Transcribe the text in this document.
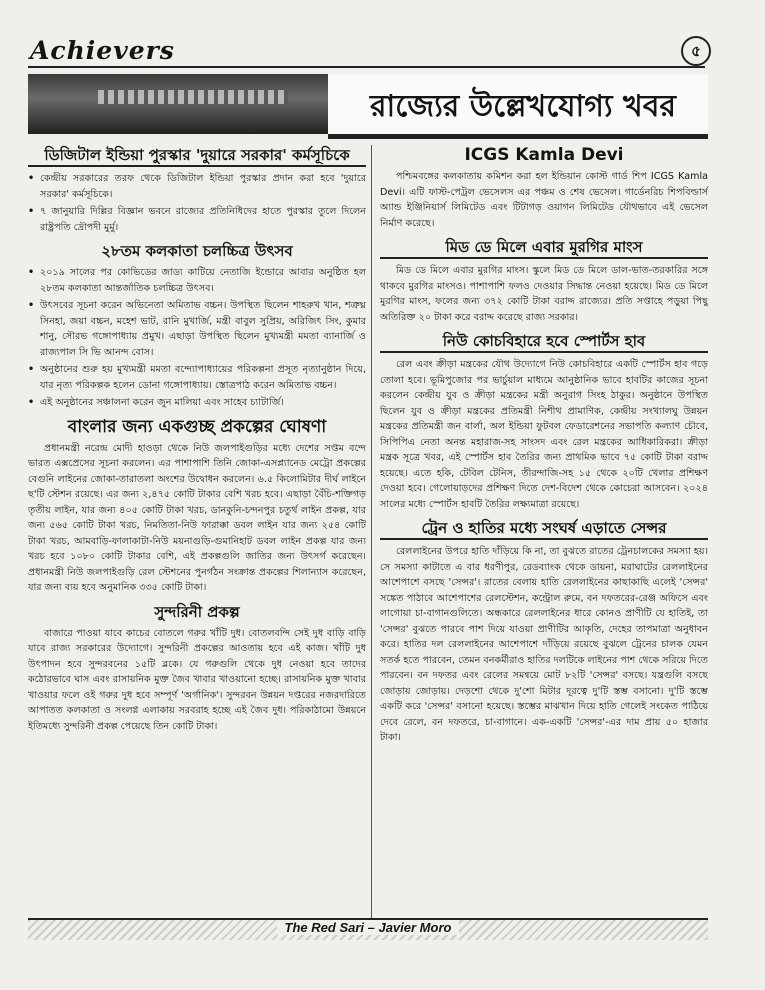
Achievers	৫
রাজ্যের উল্লেখযোগ্য খবর
ডিজিটাল ইন্ডিয়া পুরস্কার 'দুয়ারে সরকার' কর্মসূচিকে
• কেন্দ্রীয় সরকারের তরফ থেকে ডিজিটাল ইন্ডিয়া পুরস্কার প্রদান করা হবে 'দুয়ারে সরকার' কর্মসূচিকে।
• ৭ জানুয়ারি দিল্লির বিজ্ঞান ভবনে রাজ্যের প্রতিনিধিদের হাতে পুরস্কার তুলে দিলেন রাষ্ট্রপতি দ্রৌপদী মুর্মু।
২৮তম কলকাতা চলচ্চিত্র উৎসব
• ২০১৯ সালের পর কোভিডের জাড্য কাটিয়ে নেতাজি ইন্ডোরে আবার অনুষ্ঠিত হল ২৮তম কলকাতা আন্তর্জাতিক চলচ্চিত্র উৎসব।
• উৎসবের সূচনা করেন অভিনেতা অমিতাভ বচ্চন। উপস্থিত ছিলেন শাহরুখ খান, শত্রুঘ্ন সিনহা, জয়া বচ্চন, মহেশ ভাট, রানি মুখার্জি, মন্ত্রী বাবুল সুপ্রিয়, অরিজিৎ সিং, কুমার শানু, সৌরভ গঙ্গোপাধ্যায় প্রমুখ। এছাড়া উপস্থিত ছিলেন মুখ্যমন্ত্রী মমতা ব্যানার্জি ও রাজ্যপাল সি ভি আনন্দ বোস।
• অনুষ্ঠানের শুরু হয় মুখ্যমন্ত্রী মমতা বন্দ্যোপাধ্যায়ের পরিকল্পনা প্রসূত নৃত্যানুষ্ঠান দিয়ে, যার নৃত্য পরিকল্পক হলেন ডোনা গঙ্গোপাধ্যায়। স্তোত্রপাঠ করেন অমিতাভ বচ্চন।
• এই অনুষ্ঠানের সঞ্চালনা করেন জুন মালিয়া এবং সাহেব চ্যাটার্জি।
বাংলার জন্য একগুচ্ছ প্রকল্পের ঘোষণা
প্রধানমন্ত্রী নরেন্দ্র মোদী হাওড়া থেকে নিউ জলপাইগুড়ির মধ্যে দেশের সপ্তম বন্দে ভারত এক্সপ্রেসের সূচনা করলেন। এর পাশাপাশি তিনি জোকা-এসপ্ল্যানেড মেট্রো প্রকল্পের বেগুনি লাইনের জোকা-তারাতলা অংশের উদ্বোধন করলেন। ৬.৫ কিলোমিটার দীর্ঘ লাইনে ছ'টি স্টেশন রয়েছে। এর জন্য ২,৪৭৫ কোটি টাকার বেশি খরচ হবে। এছাড়া বৈঁচি-শক্তিগড় তৃতীয় লাইন, যার জন্য ৪০৫ কোটি টাকা খরচ, ডানকুনি-চন্দনপুর চতুর্থ লাইন প্রকল্প, যার জন্য ৫৬৫ কোটি টাকা খরচ, নিমতিতা-নিউ ফারাক্কা ডবল লাইন যার জন্য ২৫৪ কোটি টাকা খরচ, আমবাড়ি-ফালাকাটা-নিউ ময়নাগুড়ি-গুমানিহাট ডবল লাইন প্রকল্প যার জন্য খরচ হবে ১০৮০ কোটি টাকার বেশি, এই প্রকল্পগুলি জাতির জন্য উৎসর্গ করেছেন। প্রধানমন্ত্রী নিউ জলপাইগুড়ি রেল স্টেশনের পুনর্গঠন সংক্রান্ত প্রকল্পের শিলান্যাস করেছেন, যার জন্য ব্যয় হবে অনুমানিক ৩৩৫ কোটি টাকা।
সুন্দরিনী প্রকল্প
বাজারে পাওয়া যাবে কাচের বোতলে গরুর খাঁটি দুধ। বোতলবন্দি সেই দুধ বাড়ি বাড়ি যাবে রাজ্য সরকারের উদ্যোগে। সুন্দরিনী প্রকল্পের আওতায় হবে এই কাজ। খাঁটি দুধ উৎপাদন হবে সুন্দরবনের ১৫টি ব্লকে। যে গরুগুলি থেকে দুধ নেওয়া হবে তাদের কঠোরভাবে ঘাস এবং রাসায়নিক মুক্ত জৈব খাবার খাওয়ানো হচ্ছে। রাসায়নিক মুক্ত খাবার খাওয়ার ফলে ওই গরুর দুধ হবে সম্পূর্ণ 'অর্গানিক'। সুন্দরবন উন্নয়ন দপ্তরের নজরদারিতে আপাতত কলকাতা ও সংলগ্ন এলাকায় সরবরাহ হচ্ছে এই জৈব দুধ। পরিকাঠামো উন্নয়নে ইতিমধ্যে সুন্দরিনী প্রকল্প পেয়েছে তিন কোটি টাকা।
ICGS Kamla Devi
পশ্চিমবঙ্গের কলকাতায় কমিশন করা হল ইন্ডিয়ান কোস্ট গার্ড শিপ ICGS Kamla Devi। এটি ফাস্ট-পেট্রল ভেসেলস এর পঞ্চম ও শেষ ভেসেল। গার্ডেনরিচ শিপবিল্ডার্স অ্যান্ড ইঞ্জিনিয়ার্স লিমিটেড এবং টিটাগড় ওয়াগন লিমিটেড যৌথভাবে এই ভেসেল নির্মাণ করেছে।
মিড ডে মিলে এবার মুরগির মাংস
মিড ডে মিলে এবার মুরগির মাংস। স্কুলে মিড ডে মিলে ডাল-ভাত-তরকারির সঙ্গে থাকবে মুরগির মাংসও। পাশাপাশি ফলও দেওয়ার সিদ্ধান্ত নেওয়া হয়েছে। মিড ডে মিলে মুরগির মাংস, ফলের জন্য ৩৭২ কোটি টাকা বরাদ্দ রাজ্যের। প্রতি সপ্তাহে পড়ুয়া পিছু অতিরিক্ত ২০ টাকা করে বরাদ্দ করেছে রাজ্য সরকার।
নিউ কোচবিহারে হবে স্পোর্টস হাব
রেল এবং ক্রীড়া মন্ত্রকের যৌথ উদ্যোগে নিউ কোচবিহারে একটি স্পোর্টস হাব গড়ে তোলা হবে। ভূমিপুজোর পর ভার্চুয়াল মাধ্যমে আনুষ্ঠানিক ভাবে হাবটির কাজের সূচনা করলেন কেন্দ্রীয় যুব ও ক্রীড়া মন্ত্রকের মন্ত্রী অনুরাগ সিংহ ঠাকুর। অনুষ্ঠানে উপস্থিত ছিলেন যুব ও ক্রীড়া মন্ত্রকের প্রতিমন্ত্রী নিশীথ প্রামাণিক, কেন্দ্রীয় সংখ্যালঘু উন্নয়ন মন্ত্রকের প্রতিমন্ত্রী জন বার্লা, অল ইন্ডিয়া ফুটবল ফেডারেশনের সভাপতি কল্যাণ চৌবে, সিপিপিএ নেতা অনন্ত মহারাজ-সহ সাংসদ এবং রেল মন্ত্রকের আধিকারিকরা। ক্রীড়া মন্ত্রক সূত্রে খবর, এই স্পোর্টস হাব তৈরির জন্য প্রাথমিক ভাবে ৭৫ কোটি টাকা বরাদ্দ হয়েছে। এতে হকি, টেবিল টেনিস, তীরন্দাজি-সহ ১৫ থেকে ২০টি খেলার প্রশিক্ষণ দেওয়া হবে। গেলোয়াড়দের প্রশিক্ষণ দিতে দেশ-বিদেশ থেকে কোচেরা আসবেন। ২০২৪ সালের মধ্যে স্পোর্টস হাবটি তৈরির লক্ষ্যমাত্রা রয়েছে।
ট্রেন ও হাতির মধ্যে সংঘর্ষ এড়াতে সেন্সর
রেললাইনের উপরে হাতি দাঁড়িয়ে কি না, তা বুঝতে রাতের ট্রেনচালকের সমস্যা হয়। সে সমস্যা কাটাতে এ বার ধরণীপুর, রেডব্যাংক থেকে ডায়না, মরাঘাটের রেললাইনের আশেপাশে বসছে 'সেন্সর'। রাতের বেলায় হাতি রেললাইনের কাছাকাছি এলেই 'সেন্সর' সঙ্কেত পাঠাবে আশেপাশের রেলস্টেশন, কন্ট্রোল রুমে, বন দফতরের-রেঞ্জ অফিসে এবং লাগোয়া চা-বাগানগুলিতে। অন্ধকারে রেললাইনের ধারে কোনও প্রাণীটি যে হাতিই, তা 'সেন্সর' বুঝতে পারবে পাশ দিয়ে যাওয়া প্রাণীটির আকৃতি, দেহের তাপমাত্রা অনুধাবন করে। হাতির দল রেললাইনের আশেপাশে দাঁড়িয়ে রয়েছে বুঝলে ট্রেনের চালক যেমন সতর্ক হতে পারবেন, তেমন বনকর্মীরাও হাতির দলটিকে লাইনের পাশ থেকে সরিয়ে দিতে পারবেন। বন দফতর এবং রেলের সমন্বয়ে মোট ৮২টি 'সেন্সর' বসছে। যন্ত্রগুলি বসছে জোড়ায় জোড়ায়। দেড়শো থেকে দু'শো মিটার দূরত্বে দু'টি স্তম্ভ বসানো। দু'টি স্তম্ভে একটি করে 'সেন্সর' বসানো হয়েছে। স্তম্ভের মাঝখান দিয়ে হাতি গেলেই সংকেত পাঠিয়ে দেবে রেলে, বন দফতরে, চা-বাগানে। এক-একটি 'সেন্সর'-এর দাম প্রায় ৫০ হাজার টাকা।
The Red Sari – Javier Moro
